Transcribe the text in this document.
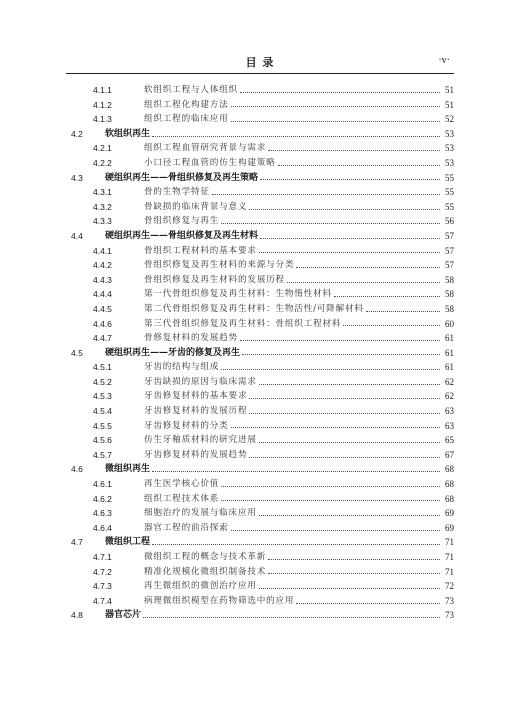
目 录	·v·
4.1.1	软组织工程与人体组织	51
4.1.2	组织工程化构建方法	51
4.1.3	组织工程的临床应用	52
4.2 软组织再生	53
4.2.1	组织工程血管研究背景与需求	53
4.2.2	小口径工程血管的仿生构建策略	53
4.3 硬组织再生——骨组织修复及再生策略	55
4.3.1	骨的生物学特征	55
4.3.2	骨缺损的临床背景与意义	55
4.3.3	骨组织修复与再生	56
4.4 硬组织再生——骨组织修复及再生材料	57
4.4.1	骨组织工程材料的基本要求	57
4.4.2	骨组织修复及再生材料的来源与分类	57
4.4.3	骨组织修复及再生材料的发展历程	58
4.4.4	第一代骨组织修复及再生材料：生物惰性材料	58
4.4.5	第二代骨组织修复及再生材料：生物活性/可降解材料	58
4.4.6	第三代骨组织修复及再生材料：骨组织工程材料	60
4.4.7	骨修复材料的发展趋势	61
4.5 硬组织再生——牙齿的修复及再生	61
4.5.1	牙齿的结构与组成	61
4.5.2	牙齿缺损的原因与临床需求	62
4.5.3	牙齿修复材料的基本要求	62
4.5.4	牙齿修复材料的发展历程	63
4.5.5	牙齿修复材料的分类	63
4.5.6	仿生牙釉质材料的研究进展	65
4.5.7	牙齿修复材料的发展趋势	67
4.6 微组织再生	68
4.6.1	再生医学核心价值	68
4.6.2	组织工程技术体系	68
4.6.3	细胞治疗的发展与临床应用	69
4.6.4	器官工程的前沿探索	69
4.7 微组织工程	71
4.7.1	微组织工程的概念与技术革新	71
4.7.2	精准化规模化微组织制备技术	71
4.7.3	再生微组织的微创治疗应用	72
4.7.4	病理微组织模型在药物筛选中的应用	73
4.8 器官芯片	73
